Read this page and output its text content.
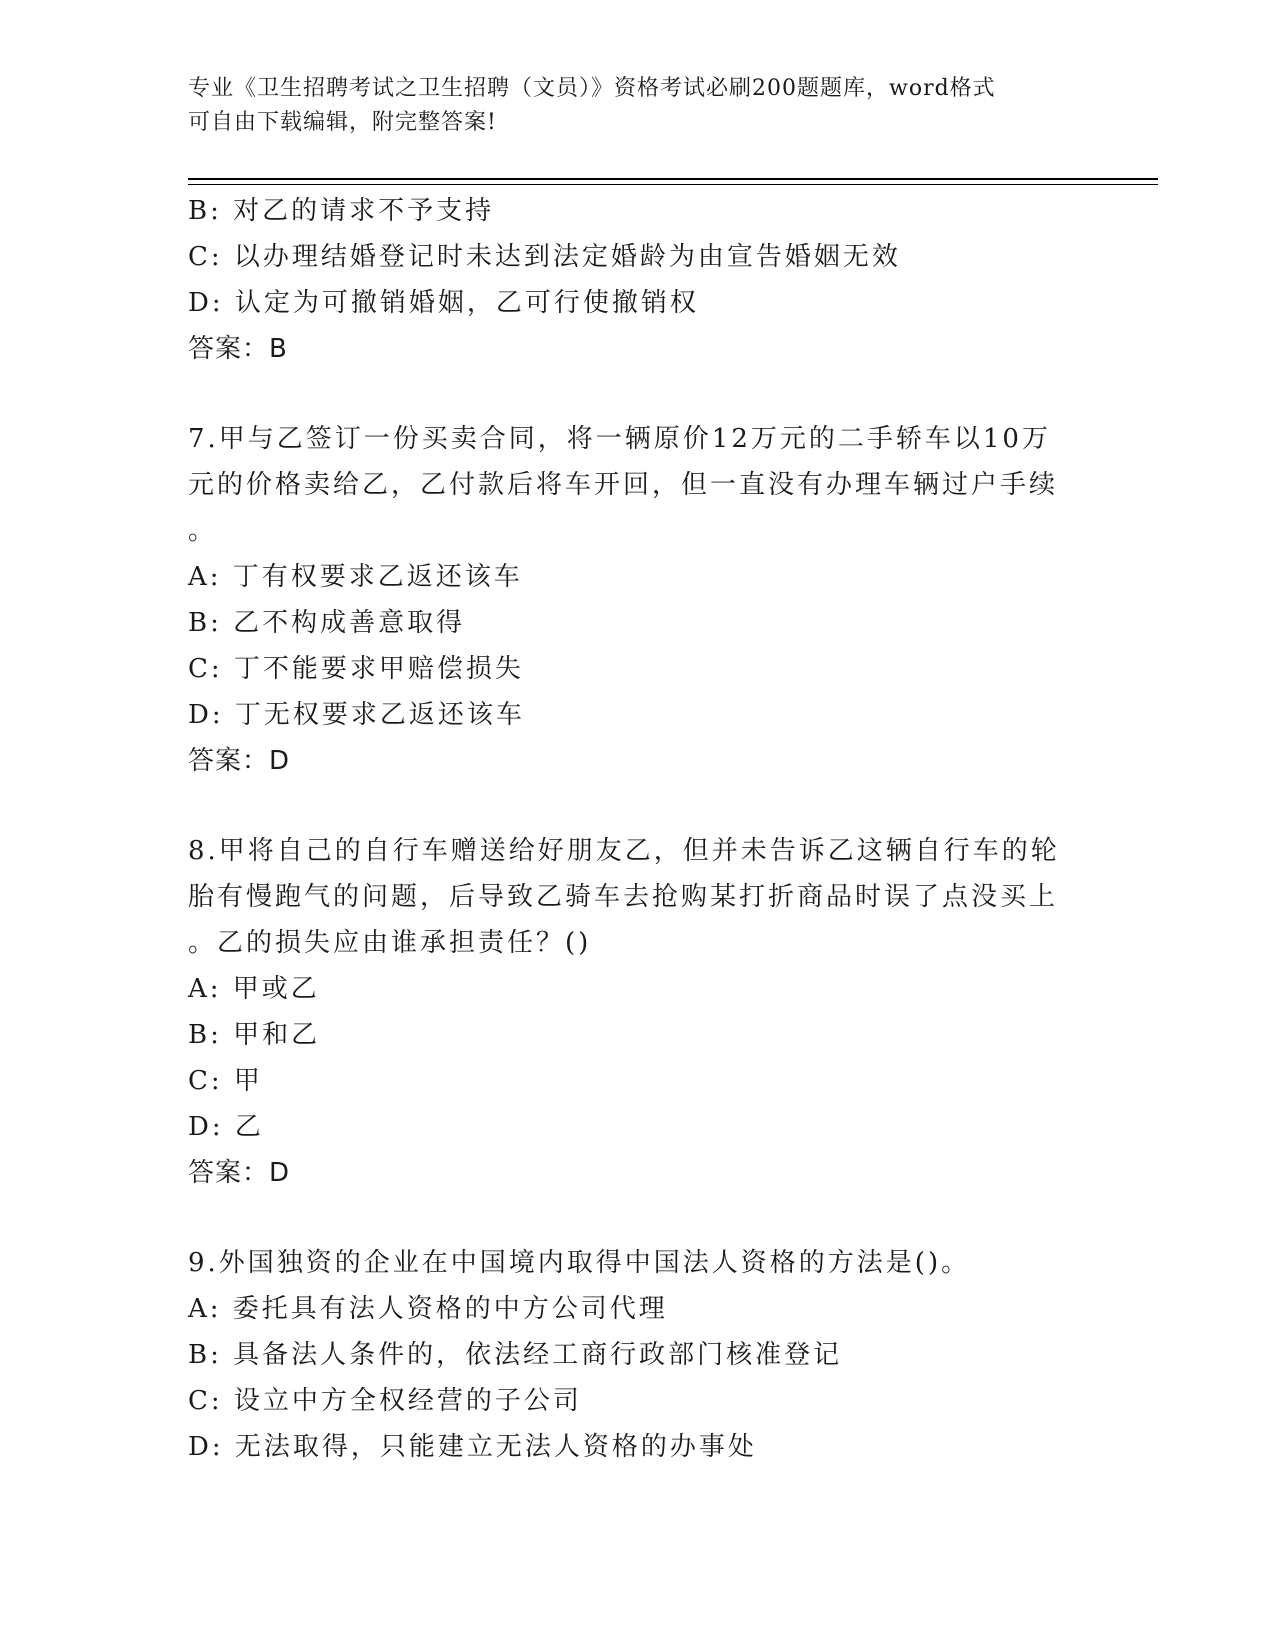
专业《卫生招聘考试之卫生招聘（文员）》资格考试必刷200题题库，word格式
可自由下载编辑，附完整答案!
B: 对乙的请求不予支持
C: 以办理结婚登记时未达到法定婚龄为由宣告婚姻无效
D: 认定为可撤销婚姻，乙可行使撤销权
答案：B
7.甲与乙签订一份买卖合同，将一辆原价12万元的二手轿车以10万
元的价格卖给乙，乙付款后将车开回，但一直没有办理车辆过户手续
。
A: 丁有权要求乙返还该车
B: 乙不构成善意取得
C: 丁不能要求甲赔偿损失
D: 丁无权要求乙返还该车
答案：D
8.甲将自己的自行车赠送给好朋友乙，但并未告诉乙这辆自行车的轮
胎有慢跑气的问题，后导致乙骑车去抢购某打折商品时误了点没买上
。乙的损失应由谁承担责任？()
A: 甲或乙
B: 甲和乙
C: 甲
D: 乙
答案：D
9.外国独资的企业在中国境内取得中国法人资格的方法是()。
A: 委托具有法人资格的中方公司代理
B: 具备法人条件的，依法经工商行政部门核准登记
C: 设立中方全权经营的子公司
D: 无法取得，只能建立无法人资格的办事处
